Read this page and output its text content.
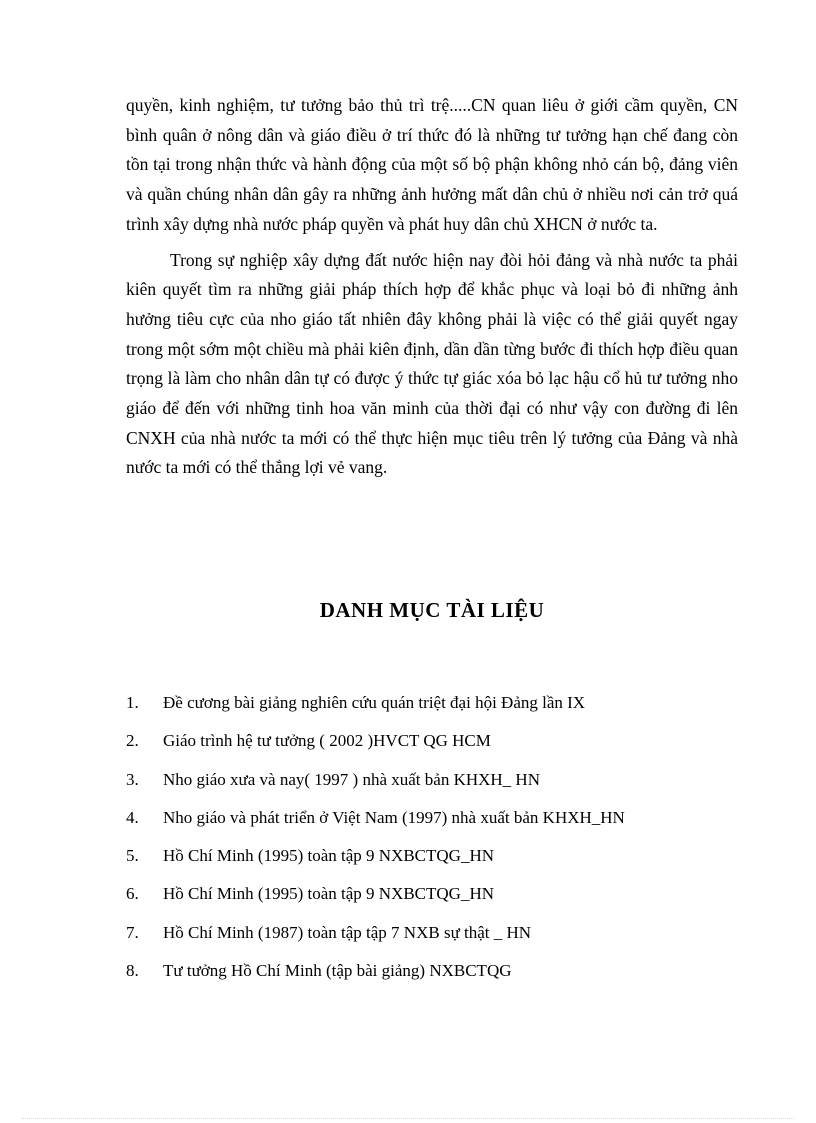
quyền, kinh nghiệm, tư tưởng bảo thủ trì trệ.....CN quan liêu ở giới cầm quyền, CN bình quân ở nông dân và giáo điều ở trí thức đó là những tư tưởng hạn chế đang còn tồn tại trong nhận thức và hành động của một số bộ phận không nhỏ cán bộ, đảng viên và quần chúng nhân dân gây ra những ảnh hưởng mất dân chủ ở nhiều nơi cản trở quá trình xây dựng nhà nước pháp quyền và phát huy dân chủ XHCN ở nước ta.

Trong sự nghiệp xây dựng đất nước hiện nay đòi hỏi đảng và nhà nước ta phải kiên quyết tìm ra những giải pháp thích hợp để khắc phục và loại bỏ đi những ảnh hưởng tiêu cực của nho giáo tất nhiên đây không phải là việc có thể giải quyết ngay trong một sớm một chiều mà phải kiên định, dần dần từng bước đi thích hợp điều quan trọng là làm cho nhân dân tự có được ý thức tự giác xóa bỏ lạc hậu cổ hủ tư tưởng nho giáo để đến với những tinh hoa văn minh của thời đại có như vậy con đường đi lên CNXH của nhà nước ta mới có thể thực hiện mục tiêu trên lý tưởng của Đảng và nhà nước ta mới có thể thắng lợi vẻ vang.

DANH MỤC TÀI LIỆU
1. Đề cương bài giảng nghiên cứu quán triệt đại hội Đảng lần IX
2. Giáo trình hệ tư tưởng ( 2002 )HVCT QG HCM
3. Nho giáo xưa và nay( 1997 ) nhà xuất bản KHXH_ HN
4. Nho giáo và phát triển ở Việt Nam (1997) nhà xuất bản KHXH_HN
5. Hồ Chí Minh (1995) toàn tập 9 NXBCTQG_HN
6. Hồ Chí Minh (1995) toàn tập 9 NXBCTQG_HN
7. Hồ Chí Minh (1987) toàn tập tập 7 NXB sự thật _ HN
8. Tư tưởng Hồ Chí Minh (tập bài giảng) NXBCTQG
